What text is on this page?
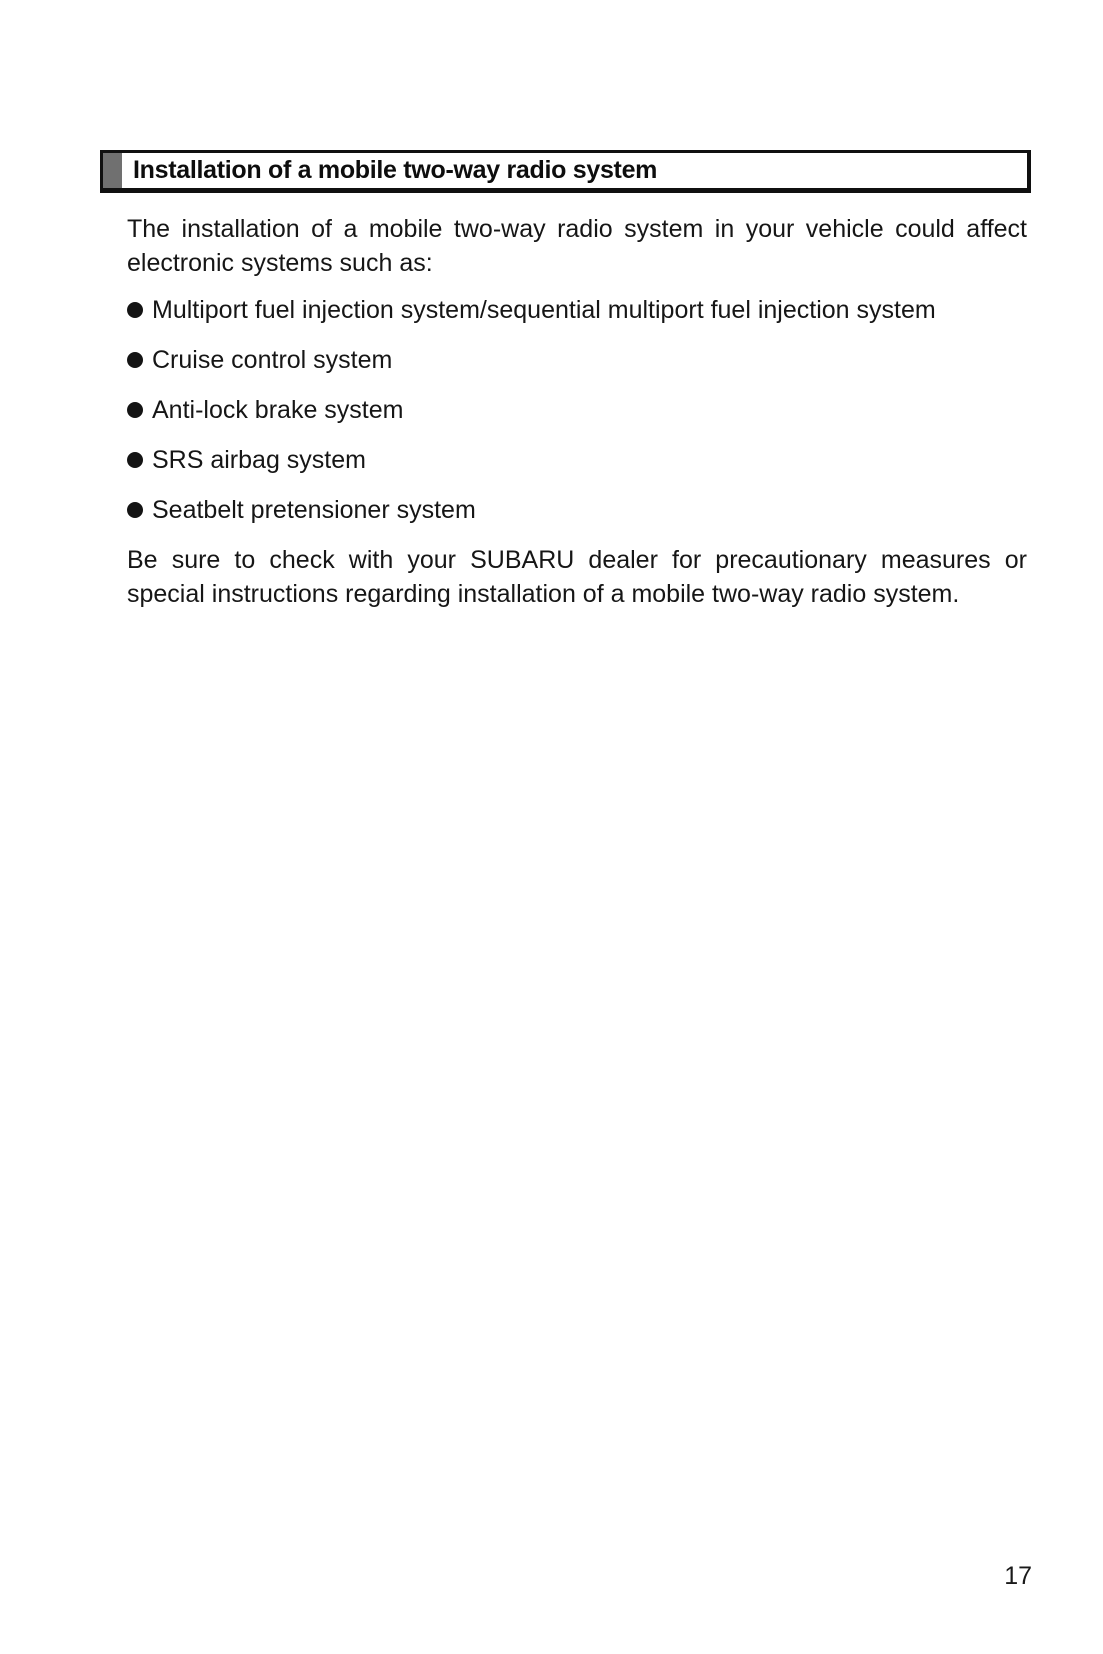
Installation of a mobile two-way radio system

The installation of a mobile two-way radio system in your vehicle could affect electronic systems such as:

Multiport fuel injection system/sequential multiport fuel injection system
Cruise control system
Anti-lock brake system
SRS airbag system
Seatbelt pretensioner system

Be sure to check with your SUBARU dealer for precautionary measures or special instructions regarding installation of a mobile two-way radio system.

17
